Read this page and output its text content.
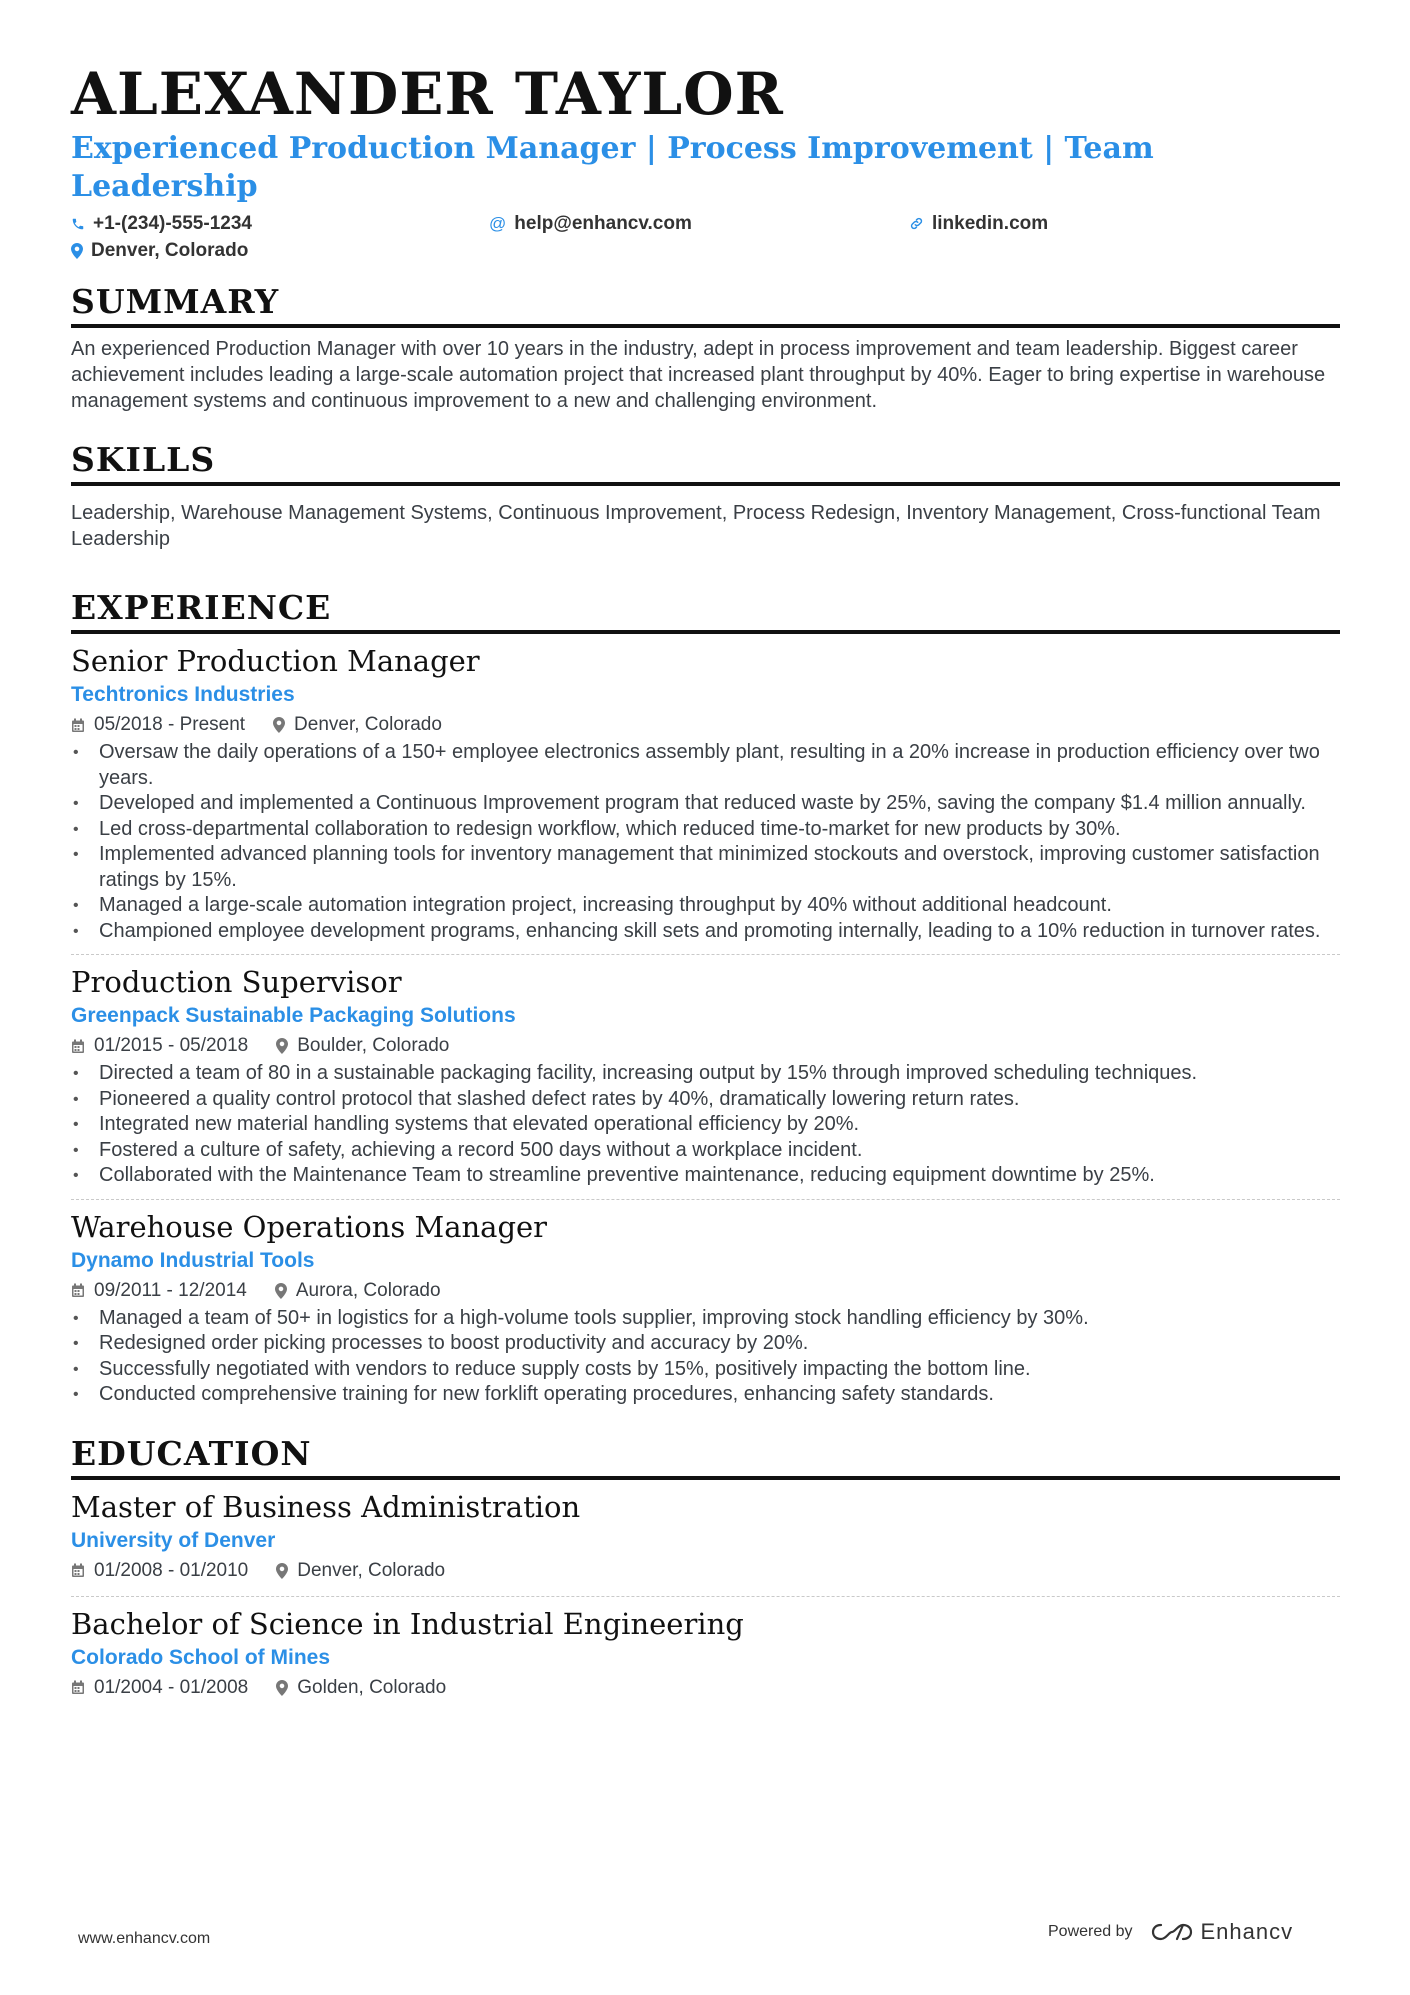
ALEXANDER TAYLOR
Experienced Production Manager | Process Improvement | Team Leadership
+1-(234)-555-1234	@ help@enhancv.com	linkedin.com
Denver, Colorado
SUMMARY
An experienced Production Manager with over 10 years in the industry, adept in process improvement and team leadership. Biggest career achievement includes leading a large-scale automation project that increased plant throughput by 40%. Eager to bring expertise in warehouse management systems and continuous improvement to a new and challenging environment.
SKILLS
Leadership, Warehouse Management Systems, Continuous Improvement, Process Redesign, Inventory Management, Cross-functional Team Leadership
EXPERIENCE
Senior Production Manager
Techtronics Industries
05/2018 - Present	Denver, Colorado
• Oversaw the daily operations of a 150+ employee electronics assembly plant, resulting in a 20% increase in production efficiency over two years.
• Developed and implemented a Continuous Improvement program that reduced waste by 25%, saving the company $1.4 million annually.
• Led cross-departmental collaboration to redesign workflow, which reduced time-to-market for new products by 30%.
• Implemented advanced planning tools for inventory management that minimized stockouts and overstock, improving customer satisfaction ratings by 15%.
• Managed a large-scale automation integration project, increasing throughput by 40% without additional headcount.
• Championed employee development programs, enhancing skill sets and promoting internally, leading to a 10% reduction in turnover rates.
Production Supervisor
Greenpack Sustainable Packaging Solutions
01/2015 - 05/2018	Boulder, Colorado
• Directed a team of 80 in a sustainable packaging facility, increasing output by 15% through improved scheduling techniques.
• Pioneered a quality control protocol that slashed defect rates by 40%, dramatically lowering return rates.
• Integrated new material handling systems that elevated operational efficiency by 20%.
• Fostered a culture of safety, achieving a record 500 days without a workplace incident.
• Collaborated with the Maintenance Team to streamline preventive maintenance, reducing equipment downtime by 25%.
Warehouse Operations Manager
Dynamo Industrial Tools
09/2011 - 12/2014	Aurora, Colorado
• Managed a team of 50+ in logistics for a high-volume tools supplier, improving stock handling efficiency by 30%.
• Redesigned order picking processes to boost productivity and accuracy by 20%.
• Successfully negotiated with vendors to reduce supply costs by 15%, positively impacting the bottom line.
• Conducted comprehensive training for new forklift operating procedures, enhancing safety standards.
EDUCATION
Master of Business Administration
University of Denver
01/2008 - 01/2010	Denver, Colorado
Bachelor of Science in Industrial Engineering
Colorado School of Mines
01/2004 - 01/2008	Golden, Colorado
www.enhancv.com	Powered by	Enhancv
